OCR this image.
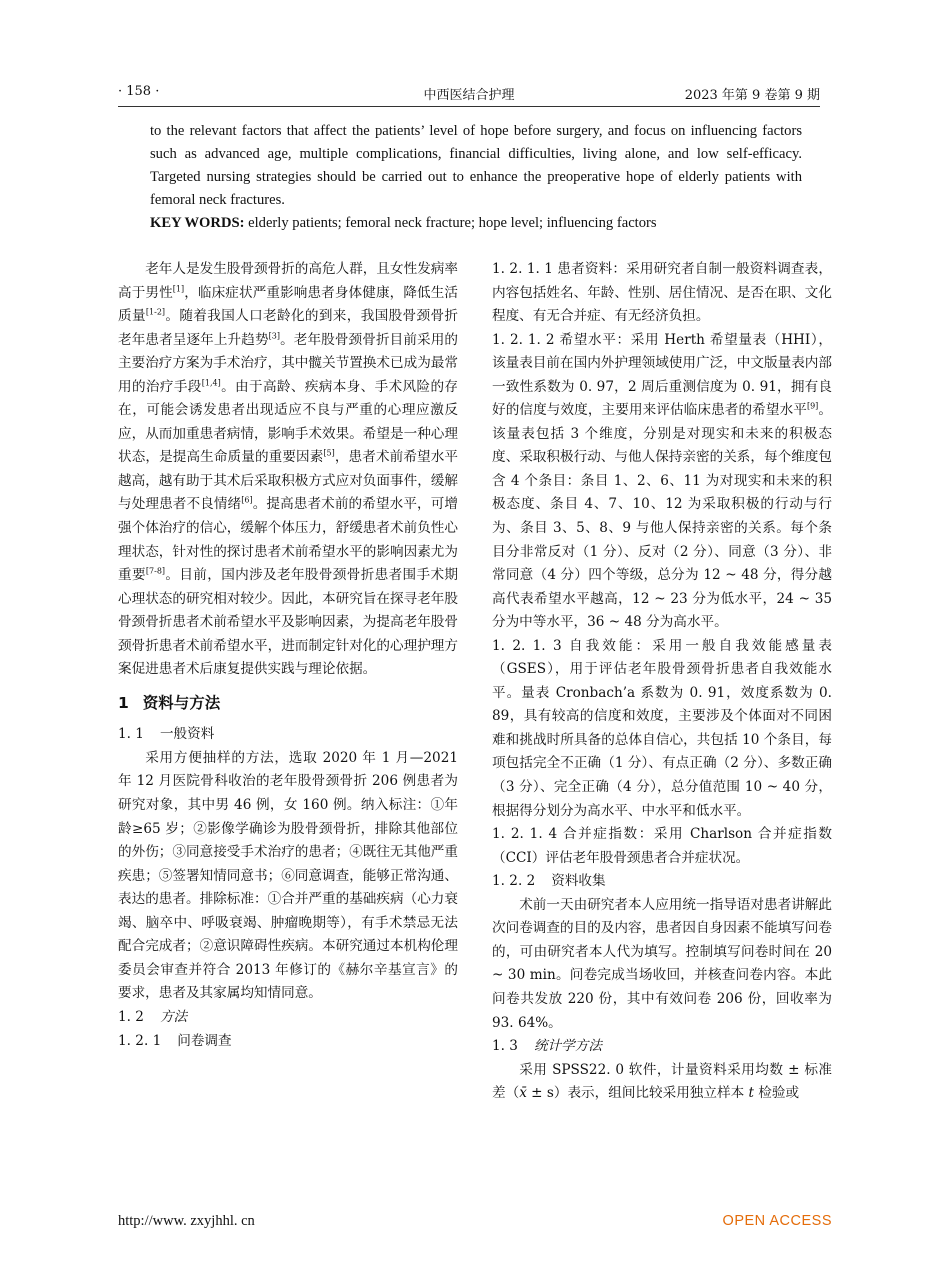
· 158 ·	中西医结合护理	2023 年第 9 卷第 9 期

to the relevant factors that affect the patients’ level of hope before surgery, and focus on influencing factors such as advanced age, multiple complications, financial difficulties, living alone, and low self-efficacy. Targeted nursing strategies should be carried out to enhance the preoperative hope of elderly patients with femoral neck fractures.

KEY WORDS: elderly patients; femoral neck fracture; hope level; influencing factors

老年人是发生股骨颈骨折的高危人群，且女性发病率高于男性[1]，临床症状严重影响患者身体健康，降低生活质量[1-2]。随着我国人口老龄化的到来，我国股骨颈骨折老年患者呈逐年上升趋势[3]。老年股骨颈骨折目前采用的主要治疗方案为手术治疗，其中髋关节置换术已成为最常用的治疗手段[1,4]。由于高龄、疾病本身、手术风险的存在，可能会诱发患者出现适应不良与严重的心理应激反应，从而加重患者病情，影响手术效果。希望是一种心理状态，是提高生命质量的重要因素[5]，患者术前希望水平越高，越有助于其术后采取积极方式应对负面事件，缓解与处理患者不良情绪[6]。提高患者术前的希望水平，可增强个体治疗的信心，缓解个体压力，舒缓患者术前负性心理状态，针对性的探讨患者术前希望水平的影响因素尤为重要[7-8]。目前，国内涉及老年股骨颈骨折患者围手术期心理状态的研究相对较少。因此，本研究旨在探寻老年股骨颈骨折患者术前希望水平及影响因素，为提高老年股骨颈骨折患者术前希望水平，进而制定针对化的心理护理方案促进患者术后康复提供实践与理论依据。

1 资料与方法

1. 1 一般资料

采用方便抽样的方法，选取 2020 年 1 月—2021 年 12 月医院骨科收治的老年股骨颈骨折 206 例患者为研究对象，其中男 46 例，女 160 例。纳入标注：①年龄≥65 岁；②影像学确诊为股骨颈骨折，排除其他部位的外伤；③同意接受手术治疗的患者；④既往无其他严重疾患；⑤签署知情同意书；⑥同意调查，能够正常沟通、表达的患者。排除标准：①合并严重的基础疾病（心力衰竭、脑卒中、呼吸衰竭、肿瘤晚期等），有手术禁忌无法配合完成者；②意识障碍性疾病。本研究通过本机构伦理委员会审查并符合 2013 年修订的《赫尔辛基宣言》的要求，患者及其家属均知情同意。

1. 2 方法

1. 2. 1 问卷调查

1. 2. 1. 1 患者资料：采用研究者自制一般资料调查表，内容包括姓名、年龄、性别、居住情况、是否在职、文化程度、有无合并症、有无经济负担。

1. 2. 1. 2 希望水平：采用 Herth 希望量表（HHI），该量表目前在国内外护理领域使用广泛，中文版量表内部一致性系数为 0. 97，2 周后重测信度为 0. 91，拥有良好的信度与效度，主要用来评估临床患者的希望水平[9]。该量表包括 3 个维度，分别是对现实和未来的积极态度、采取积极行动、与他人保持亲密的关系，每个维度包含 4 个条目：条目 1、2、6、11 为对现实和未来的积极态度、条目 4、7、10、12 为采取积极的行动与行为、条目 3、5、8、9 与他人保持亲密的关系。每个条目分非常反对（1 分）、反对（2 分）、同意（3 分）、非常同意（4 分）四个等级，总分为 12 ~ 48 分，得分越高代表希望水平越高，12 ~ 23 分为低水平，24 ~ 35 分为中等水平，36 ~ 48 分为高水平。

1. 2. 1. 3 自我效能：采用一般自我效能感量表（GSES），用于评估老年股骨颈骨折患者自我效能水平。量表 Cronbach’a 系数为 0. 91，效度系数为 0. 89，具有较高的信度和效度，主要涉及个体面对不同困难和挑战时所具备的总体自信心，共包括 10 个条目，每项包括完全不正确（1 分）、有点正确（2 分）、多数正确（3 分）、完全正确（4 分），总分值范围 10 ~ 40 分，根据得分划分为高水平、中水平和低水平。

1. 2. 1. 4 合并症指数：采用 Charlson 合并症指数（CCI）评估老年股骨颈患者合并症状况。

1. 2. 2 资料收集

术前一天由研究者本人应用统一指导语对患者讲解此次问卷调查的目的及内容，患者因自身因素不能填写问卷的，可由研究者本人代为填写。控制填写问卷时间在 20 ~ 30 min。问卷完成当场收回，并核查问卷内容。本此问卷共发放 220 份，其中有效问卷 206 份，回收率为 93. 64%。

1. 3 统计学方法

采用 SPSS22. 0 软件，计量资料采用均数 ± 标准差（x̄ ± s）表示，组间比较采用独立样本 t 检验或

http://www. zxyjhhl. cn	OPEN ACCESS
